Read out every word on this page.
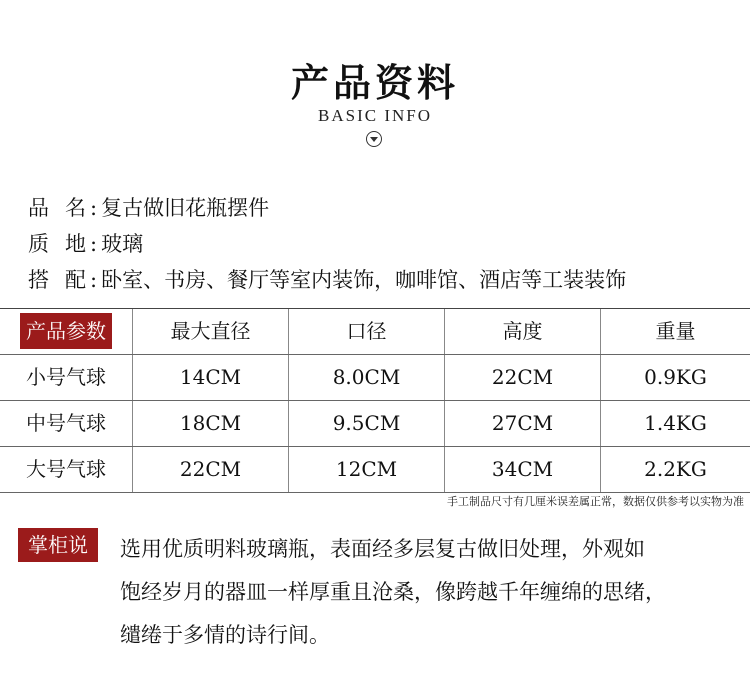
产品资料
BASIC INFO
品名 : 复古做旧花瓶摆件
质地 : 玻璃
搭配 : 卧室、书房、餐厅等室内装饰，咖啡馆、酒店等工装装饰
产品参数	最大直径	口径	高度	重量
小号气球	14CM	8.0CM	22CM	0.9KG
中号气球	18CM	9.5CM	27CM	1.4KG
大号气球	22CM	12CM	34CM	2.2KG
手工制品尺寸有几厘米误差属正常，数据仅供参考以实物为准
掌柜说	选用优质明料玻璃瓶，表面经多层复古做旧处理，外观如
饱经岁月的器皿一样厚重且沧桑，像跨越千年缠绵的思绪，
缱绻于多情的诗行间。
